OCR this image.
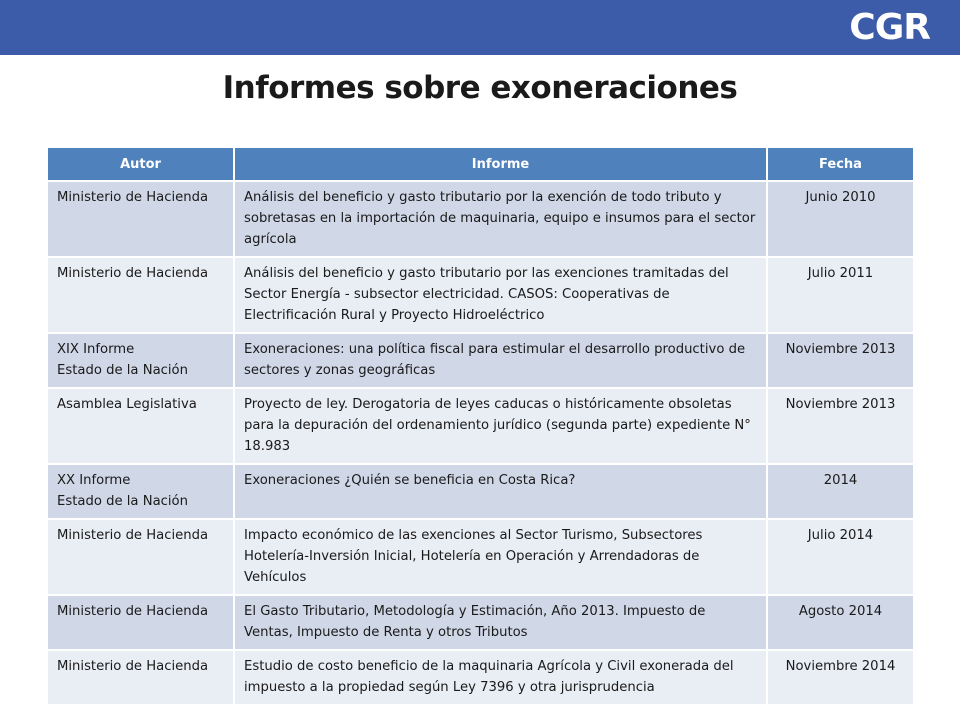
CGR
Informes sobre exoneraciones
Autor	Informe	Fecha

Ministerio de Hacienda	Análisis del beneficio y gasto tributario por la exención de todo tributo y sobretasas en la importación de maquinaria, equipo e insumos para el sector agrícola	Junio 2010

Ministerio de Hacienda	Análisis del beneficio y gasto tributario por las exenciones tramitadas del Sector Energía - subsector electricidad. CASOS: Cooperativas de Electrificación Rural y Proyecto Hidroeléctrico	Julio 2011

XIX Informe
Estado de la Nación	Exoneraciones: una política fiscal para estimular el desarrollo productivo de sectores y zonas geográficas	Noviembre 2013

Asamblea Legislativa	Proyecto de ley. Derogatoria de leyes caducas o históricamente obsoletas para la depuración del ordenamiento jurídico (segunda parte) expediente N° 18.983	Noviembre 2013

XX Informe
Estado de la Nación	Exoneraciones ¿Quién se beneficia en Costa Rica?	2014

Ministerio de Hacienda	Impacto económico de las exenciones al Sector Turismo, Subsectores Hotelería-Inversión Inicial, Hotelería en Operación y Arrendadoras de Vehículos	Julio 2014

Ministerio de Hacienda	El Gasto Tributario, Metodología y Estimación, Año 2013. Impuesto de Ventas, Impuesto de Renta y otros Tributos	Agosto 2014

Ministerio de Hacienda	Estudio de costo beneficio de la maquinaria Agrícola y Civil exonerada del impuesto a la propiedad según Ley 7396 y otra jurisprudencia	Noviembre 2014
